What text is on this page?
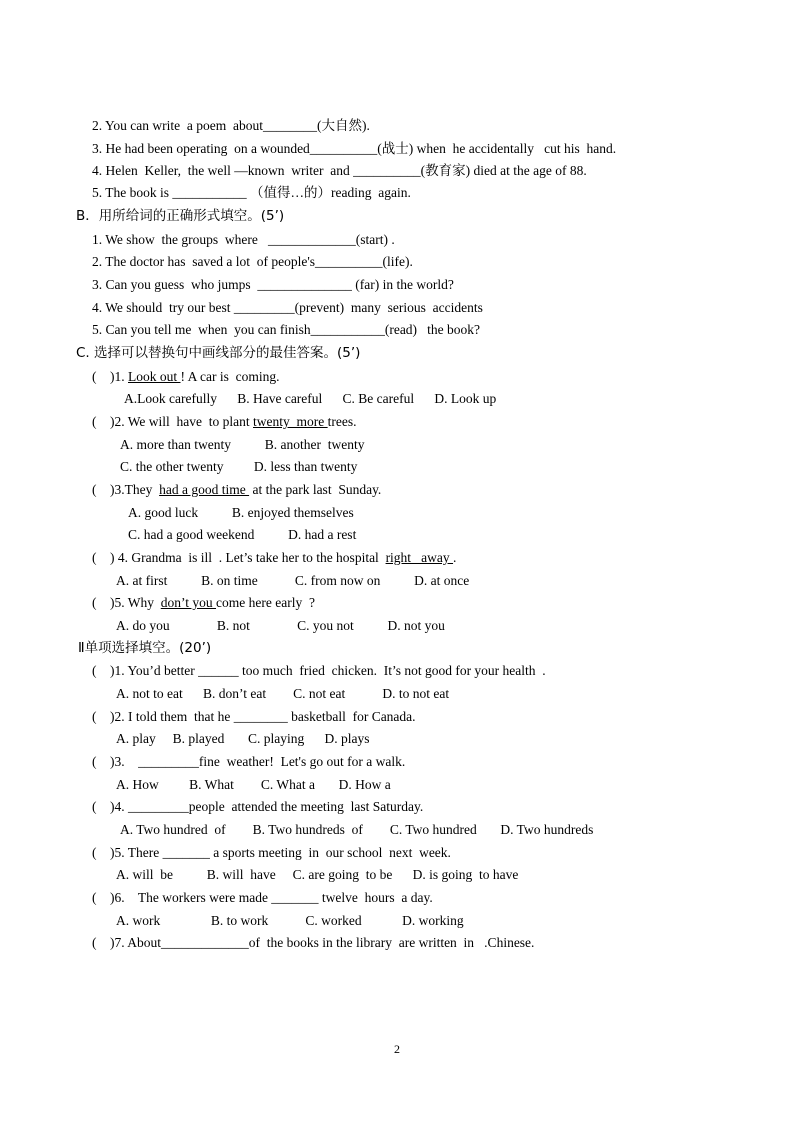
2. You can write  a poem  about________(大自然).
3. He had been operating  on a wounded__________(战士) when  he accidentally   cut his  hand.
4. Helen  Keller,  the well —known  writer  and __________(教育家) died at the age of 88.
5. The book is ___________ （值得…的）reading  again.
B．用所给词的正确形式填空。(5’)
1. We show  the groups  where   _____________(start) .
2. The doctor has  saved a lot  of people's__________(life).
3. Can you guess  who jumps  ______________ (far) in the world?
4. We should  try our best _________(prevent)  many  serious  accidents
5. Can you tell me  when  you can finish___________(read)   the book?
C. 选择可以替换句中画线部分的最佳答案。(5’)
(    )1. Look out ! A car is  coming.
A.Look carefully      B. Have careful      C. Be careful      D. Look up
(    )2. We will  have  to plant twenty  more trees.
A. more than twenty          B. another  twenty
C. the other twenty         D. less than twenty
(    )3.They  had a good time  at the park last  Sunday.
A. good luck          B. enjoyed themselves
C. had a good weekend          D. had a rest
(    ) 4. Grandma  is ill  . Let’s take her to the hospital  right   away .
A. at first          B. on time           C. from now on          D. at once
(    )5. Why  don’t you come here early  ?
A. do you              B. not              C. you not          D. not you
Ⅱ单项选择填空。(20’)
(    )1. You’d better ______ too much  fried  chicken.  It’s not good for your health  .
A. not to eat      B. don’t eat        C. not eat           D. to not eat
(    )2. I told them  that he ________ basketball  for Canada.
A. play     B. played       C. playing      D. plays
(    )3.    _________fine  weather!  Let's go out for a walk.
A. How         B. What        C. What a       D. How a
(    )4. _________people  attended the meeting  last Saturday.
A. Two hundred  of        B. Two hundreds  of        C. Two hundred       D. Two hundreds
(    )5. There _______ a sports meeting  in  our school  next  week.
A. will  be          B. will  have     C. are going  to be      D. is going  to have
(    )6.    The workers were made _______ twelve  hours  a day.
A. work               B. to work           C. worked            D. working
(    )7. About_____________of  the books in the library  are written  in   .Chinese.
2
